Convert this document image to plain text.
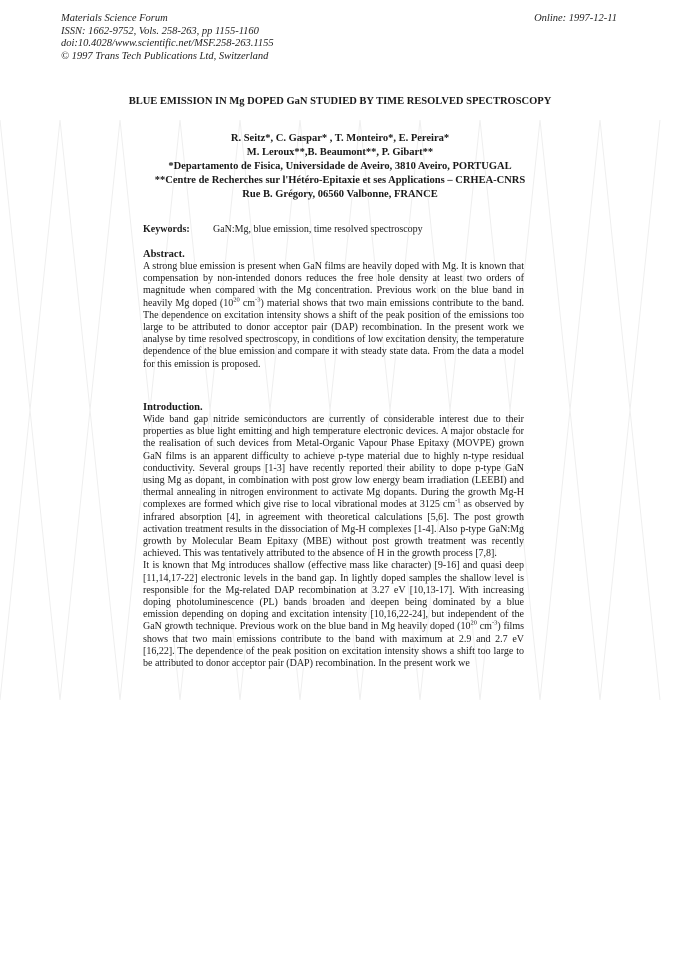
Materials Science Forum
ISSN: 1662-9752, Vols. 258-263, pp 1155-1160
doi:10.4028/www.scientific.net/MSF.258-263.1155
© 1997 Trans Tech Publications Ltd, Switzerland
Online: 1997-12-11
BLUE EMISSION IN Mg DOPED GaN STUDIED BY TIME RESOLVED SPECTROSCOPY
R. Seitz*, C. Gaspar* , T. Monteiro*, E. Pereira*
M. Leroux**,B. Beaumont**, P. Gibart**
*Departamento de Fisica, Universidade de Aveiro, 3810 Aveiro, PORTUGAL
**Centre de Recherches sur l'Hétéro-Epitaxie et ses Applications – CRHEA-CNRS
Rue B. Grégory, 06560 Valbonne, FRANCE
Keywords: GaN:Mg, blue emission, time resolved spectroscopy
Abstract.

A strong blue emission is present when GaN films are heavily doped with Mg. It is known that compensation by non-intended donors reduces the free hole density at least two orders of magnitude when compared with the Mg concentration. Previous work on the blue band in heavily Mg doped ($10^{20}$ $cm^{-3}$) material shows that two main emissions contribute to the band. The dependence on excitation intensity shows a shift of the peak position of the emissions too large to be attributed to donor acceptor pair (DAP) recombination. In the present work we analyse by time resolved spectroscopy, in conditions of low excitation density, the temperature dependence of the blue emission and compare it with steady state data. From the data a model for this emission is proposed.

Introduction.

Wide band gap nitride semiconductors are currently of considerable interest due to their properties as blue light emitting and high temperature electronic devices. A major obstacle for the realisation of such devices from Metal-Organic Vapour Phase Epitaxy (MOVPE) grown GaN films is an apparent difficulty to achieve p-type material due to highly n-type residual conductivity. Several groups [1-3] have recently reported their ability to dope p-type GaN using Mg as dopant, in combination with post grow low energy beam irradiation (LEEBI) and thermal annealing in nitrogen environment to activate Mg dopants. During the growth Mg-H complexes are formed which give rise to local vibrational modes at 3125 $cm^{-1}$ as observed by infrared absorption [4], in agreement with theoretical calculations [5,6]. The post growth activation treatment results in the dissociation of Mg-H complexes [1-4]. Also p-type GaN:Mg growth by Molecular Beam Epitaxy (MBE) without post growth treatment was recently achieved. This was tentatively attributed to the absence of H in the growth process [7,8].

It is known that Mg introduces shallow (effective mass like character) [9-16] and quasi deep [11,14,17-22] electronic levels in the band gap. In lightly doped samples the shallow level is responsible for the Mg-related DAP recombination at 3.27 eV [10,13-17]. With increasing doping photoluminescence (PL) bands broaden and deepen being dominated by a blue emission depending on doping and excitation intensity [10,16,22-24], but independent of the GaN growth technique. Previous work on the blue band in Mg heavily doped ($10^{20}$ $cm^{-3}$) films shows that two main emissions contribute to the band with maximum at 2.9 and 2.7 eV [16,22]. The dependence of the peak position on excitation intensity shows a shift too large to be attributed to donor acceptor pair (DAP) recombination. In the present work we
